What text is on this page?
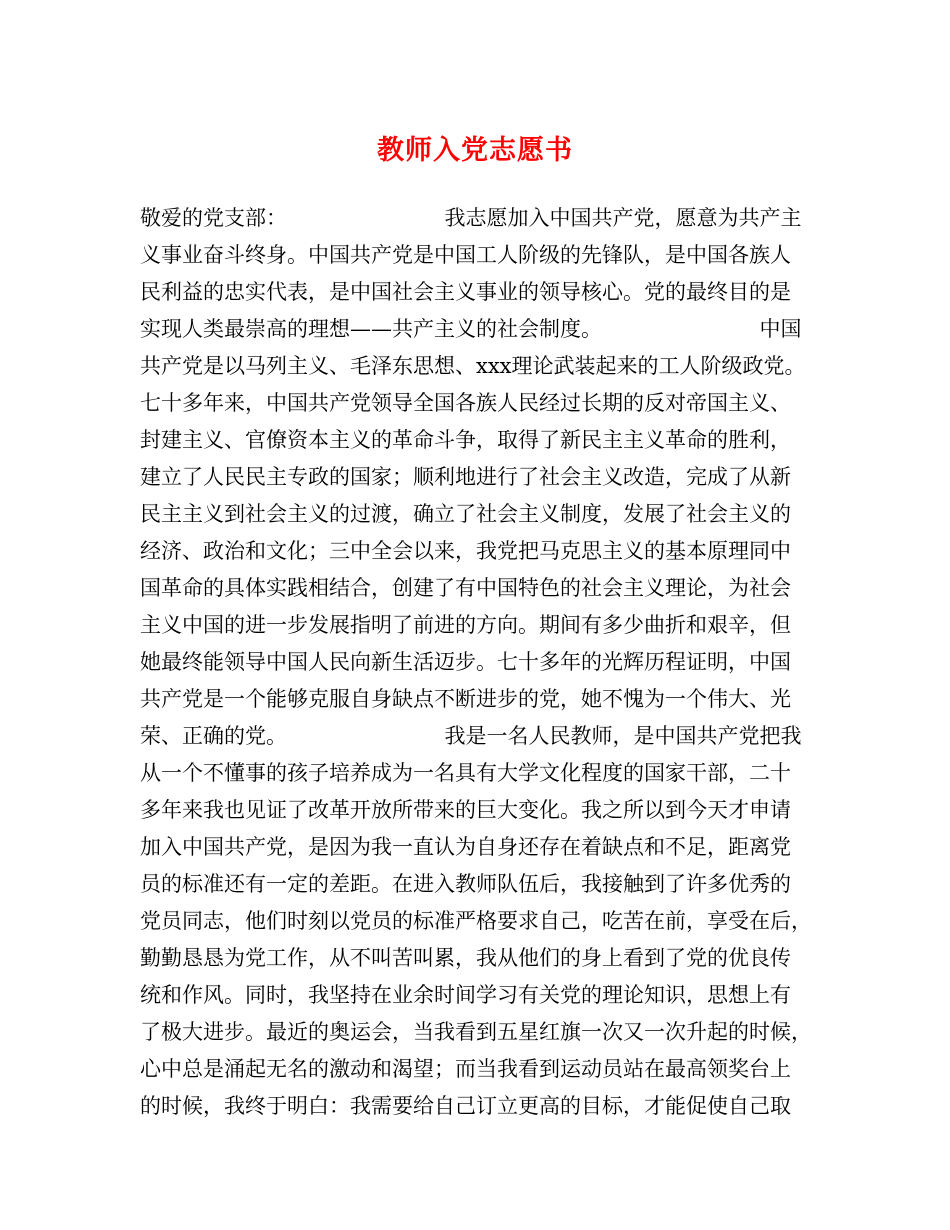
教师入党志愿书
敬爱的党支部：　　　　　　　　我志愿加入中国共产党，愿意为共产主
义事业奋斗终身。中国共产党是中国工人阶级的先锋队，是中国各族人
民利益的忠实代表，是中国社会主义事业的领导核心。党的最终目的是
实现人类最崇高的理想——共产主义的社会制度。　　　　　　　　中国
共产党是以马列主义、毛泽东思想、xxx理论武装起来的工人阶级政党。
七十多年来，中国共产党领导全国各族人民经过长期的反对帝国主义、
封建主义、官僚资本主义的革命斗争，取得了新民主主义革命的胜利，
建立了人民民主专政的国家；顺利地进行了社会主义改造，完成了从新
民主主义到社会主义的过渡，确立了社会主义制度，发展了社会主义的
经济、政治和文化；三中全会以来，我党把马克思主义的基本原理同中
国革命的具体实践相结合，创建了有中国特色的社会主义理论，为社会
主义中国的进一步发展指明了前进的方向。期间有多少曲折和艰辛，但
她最终能领导中国人民向新生活迈步。七十多年的光辉历程证明，中国
共产党是一个能够克服自身缺点不断进步的党，她不愧为一个伟大、光
荣、正确的党。　　　　　　　　我是一名人民教师，是中国共产党把我
从一个不懂事的孩子培养成为一名具有大学文化程度的国家干部，二十
多年来我也见证了改革开放所带来的巨大变化。我之所以到今天才申请
加入中国共产党，是因为我一直认为自身还存在着缺点和不足，距离党
员的标准还有一定的差距。在进入教师队伍后，我接触到了许多优秀的
党员同志，他们时刻以党员的标准严格要求自己，吃苦在前，享受在后，
勤勤恳恳为党工作，从不叫苦叫累，我从他们的身上看到了党的优良传
统和作风。同时，我坚持在业余时间学习有关党的理论知识，思想上有
了极大进步。最近的奥运会，当我看到五星红旗一次又一次升起的时候，
心中总是涌起无名的激动和渴望；而当我看到运动员站在最高领奖台上
的时候，我终于明白：我需要给自己订立更高的目标，才能促使自己取
